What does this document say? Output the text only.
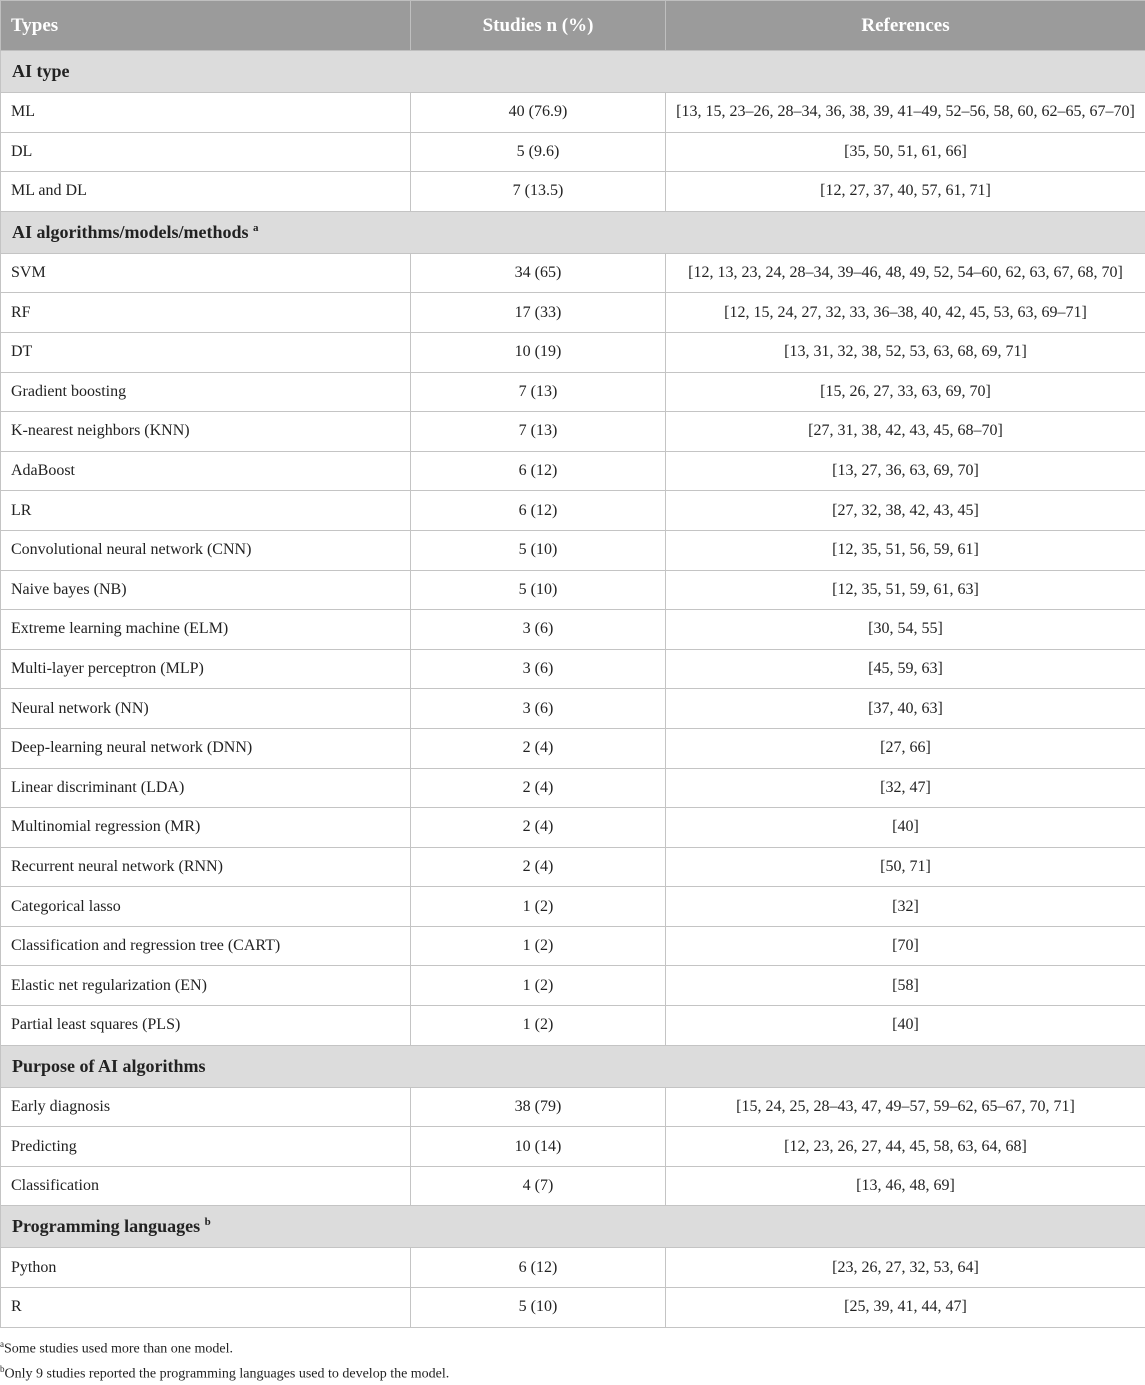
Types	Studies n (%)	References
AI type		
ML	40 (76.9)	[13, 15, 23–26, 28–34, 36, 38, 39, 41–49, 52–56, 58, 60, 62–65, 67–70]
DL	5 (9.6)	[35, 50, 51, 61, 66]
ML and DL	7 (13.5)	[12, 27, 37, 40, 57, 61, 71]
AI algorithms/models/methods $^a$
SVM	34 (65)	[12, 13, 23, 24, 28–34, 39–46, 48, 49, 52, 54–60, 62, 63, 67, 68, 70]
RF	17 (33)	[12, 15, 24, 27, 32, 33, 36–38, 40, 42, 45, 53, 63, 69–71]
DT	10 (19)	[13, 31, 32, 38, 52, 53, 63, 68, 69, 71]
Gradient boosting	7 (13)	[15, 26, 27, 33, 63, 69, 70]
K-nearest neighbors (KNN)	7 (13)	[27, 31, 38, 42, 43, 45, 68–70]
AdaBoost	6 (12)	[13, 27, 36, 63, 69, 70]
LR	6 (12)	[27, 32, 38, 42, 43, 45]
Convolutional neural network (CNN)	5 (10)	[12, 35, 51, 56, 59, 61]
Naive bayes (NB)	5 (10)	[12, 35, 51, 59, 61, 63]
Extreme learning machine (ELM)	3 (6)	[30, 54, 55]
Multi-layer perceptron (MLP)	3 (6)	[45, 59, 63]
Neural network (NN)	3 (6)	[37, 40, 63]
Deep-learning neural network (DNN)	2 (4)	[27, 66]
Linear discriminant (LDA)	2 (4)	[32, 47]
Multinomial regression (MR)	2 (4)	[40]
Recurrent neural network (RNN)	2 (4)	[50, 71]
Categorical lasso	1 (2)	[32]
Classification and regression tree (CART)	1 (2)	[70]
Elastic net regularization (EN)	1 (2)	[58]
Partial least squares (PLS)	1 (2)	[40]
Purpose of AI algorithms		
Early diagnosis	38 (79)	[15, 24, 25, 28–43, 47, 49–57, 59–62, 65–67, 70, 71]
Predicting	10 (14)	[12, 23, 26, 27, 44, 45, 58, 63, 64, 68]
Classification	4 (7)	[13, 46, 48, 69]
Programming languages $^b$
Python	6 (12)	[23, 26, 27, 32, 53, 64]
R	5 (10)	[25, 39, 41, 44, 47]
$^a$Some studies used more than one model.
$^b$Only 9 studies reported the programming languages used to develop the model.
